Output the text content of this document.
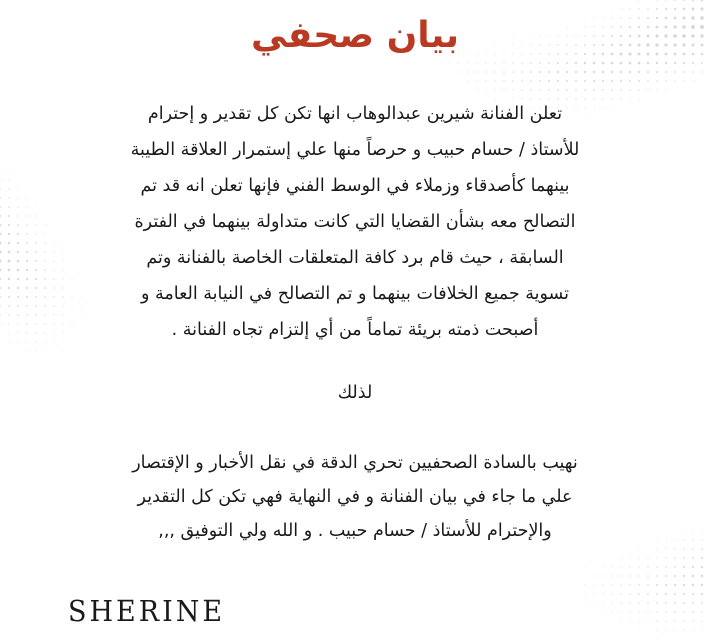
بيان صحفي

تعلن الفنانة شيرين عبدالوهاب انها تكن كل تقدير و إحترام
للأستاذ / حسام حبيب و حرصاً منها علي إستمرار العلاقة الطيبة
بينهما كأصدقاء وزملاء في الوسط الفني فإنها تعلن انه قد تم
التصالح معه بشأن القضايا التي كانت متداولة بينهما في الفترة
السابقة ، حيث قام برد كافة المتعلقات الخاصة بالفنانة وتم
تسوية جميع الخلافات بينهما و تم التصالح في النيابة العامة و
أصبحت ذمته بريئة تماماً من أي إلتزام تجاه الفنانة .

لذلك

نهيب بالسادة الصحفيين تحري الدقة في نقل الأخبار و الإقتصار
علي ما جاء في بيان الفنانة و في النهاية فهي تكن كل التقدير
والإحترام للأستاذ / حسام حبيب . و الله ولي التوفيق ,,,

SHERINE
